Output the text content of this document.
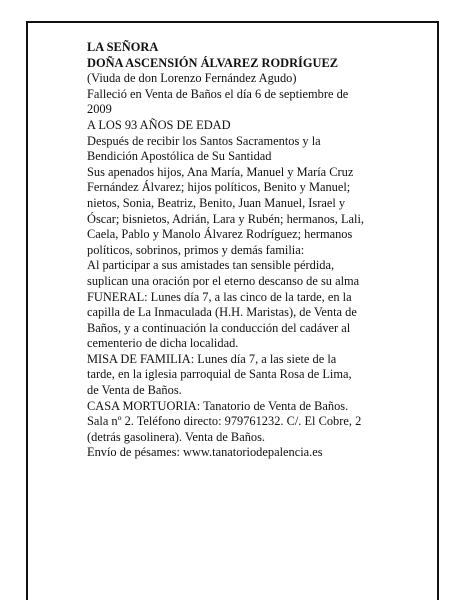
LA SEÑORA
DOÑA ASCENSIÓN ÁLVAREZ RODRÍGUEZ
(Viuda de don Lorenzo Fernández Agudo)
Falleció en Venta de Baños el día 6 de septiembre de
2009
A LOS 93 AÑOS DE EDAD
Después de recibir los Santos Sacramentos y la
Bendición Apostólica de Su Santidad
Sus apenados hijos, Ana María, Manuel y María Cruz
Fernández Álvarez; hijos políticos, Benito y Manuel;
nietos, Sonia, Beatriz, Benito, Juan Manuel, Israel y
Óscar; bisnietos, Adrián, Lara y Rubén; hermanos, Lali,
Caela, Pablo y Manolo Álvarez Rodríguez; hermanos
políticos, sobrinos, primos y demás familia:
Al participar a sus amistades tan sensible pérdida,
suplican una oración por el eterno descanso de su alma
FUNERAL: Lunes día 7, a las cinco de la tarde, en la
capilla de La Inmaculada (H.H. Maristas), de Venta de
Baños, y a continuación la conducción del cadáver al
cementerio de dicha localidad.
MISA DE FAMILIA: Lunes día 7, a las siete de la
tarde, en la iglesia parroquial de Santa Rosa de Lima,
de Venta de Baños.
CASA MORTUORIA: Tanatorio de Venta de Baños.
Sala nº 2. Teléfono directo: 979761232. C/. El Cobre, 2
(detrás gasolinera). Venta de Baños.
Envío de pésames: www.tanatoriodepalencia.es
